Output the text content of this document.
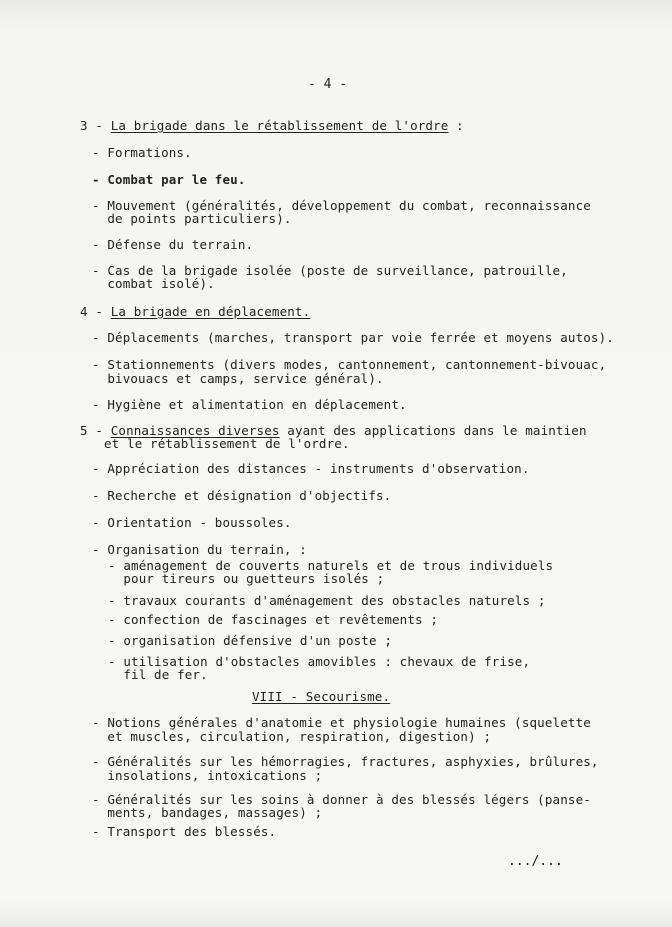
- 4 -
3 - La brigade dans le rétablissement de l'ordre :
- Formations.
- Combat par le feu.
- Mouvement (généralités, développement du combat, reconnaissance
de points particuliers).
- Défense du terrain.
- Cas de la brigade isolée (poste de surveillance, patrouille,
combat isolé).
4 - La brigade en déplacement.
- Déplacements (marches, transport par voie ferrée et moyens autos).
- Stationnements (divers modes, cantonnement, cantonnement-bivouac,
bivouacs et camps, service général).
- Hygiène et alimentation en déplacement.
5 - Connaissances diverses ayant des applications dans le maintien
et le rétablissement de l'ordre.
- Appréciation des distances - instruments d'observation.
- Recherche et désignation d'objectifs.
- Orientation - boussoles.
- Organisation du terrain, :
- aménagement de couverts naturels et de trous individuels
pour tireurs ou guetteurs isolés ;
- travaux courants d'aménagement des obstacles naturels ;
- confection de fascinages et revêtements ;
- organisation défensive d'un poste ;
- utilisation d'obstacles amovibles : chevaux de frise,
fil de fer.
VIII - Secourisme.
- Notions générales d'anatomie et physiologie humaines (squelette
et muscles, circulation, respiration, digestion) ;
- Généralités sur les hémorragies, fractures, asphyxies, brûlures,
insolations, intoxications ;
- Généralités sur les soins à donner à des blessés légers (panse-
ments, bandages, massages) ;
- Transport des blessés.
.../...
